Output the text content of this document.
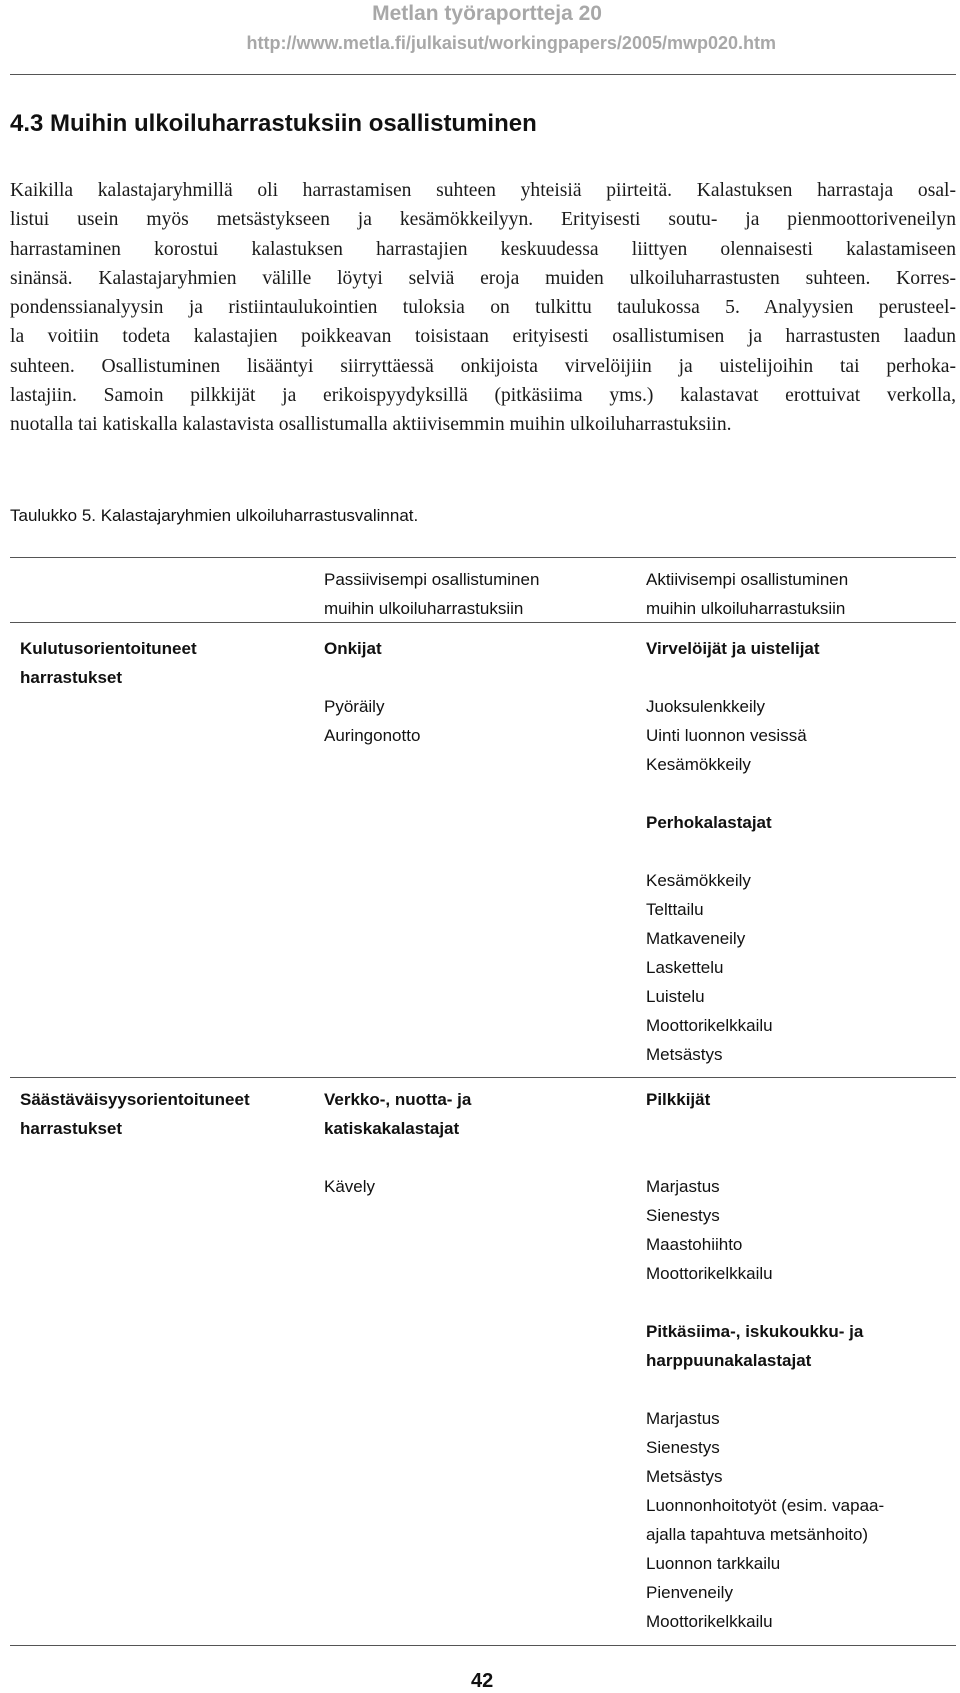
Metlan työraportteja 20
http://www.metla.fi/julkaisut/workingpapers/2005/mwp020.htm
4.3 Muihin ulkoiluharrastuksiin osallistuminen
Kaikilla kalastajaryhmillä oli harrastamisen suhteen yhteisiä piirteitä. Kalastuksen harrastaja osal-
listui usein myös metsästykseen ja kesämökkeilyyn. Erityisesti soutu- ja pienmoottoriveneilyn
harrastaminen korostui kalastuksen harrastajien keskuudessa liittyen olennaisesti kalastamiseen
sinänsä. Kalastajaryhmien välille löytyi selviä eroja muiden ulkoiluharrastusten suhteen. Korres-
pondenssianalyysin ja ristiintaulukointien tuloksia on tulkittu taulukossa 5. Analyysien perusteel-
la voitiin todeta kalastajien poikkeavan toisistaan erityisesti osallistumisen ja harrastusten laadun
suhteen. Osallistuminen lisääntyi siirryttäessä onkijoista virvelöijiin ja uistelijoihin tai perhoka-
lastajiin. Samoin pilkkijät ja erikoispyydyksillä (pitkäsiima yms.) kalastavat erottuivat verkolla,
nuotalla tai katiskalla kalastavista osallistumalla aktiivisemmin muihin ulkoiluharrastuksiin.
Taulukko 5. Kalastajaryhmien ulkoiluharrastusvalinnat.
Passiivisempi osallistuminen
muihin ulkoiluharrastuksiin
Aktiivisempi osallistuminen
muihin ulkoiluharrastuksiin
Kulutusorientoituneet
harrastukset
Onkijat

Pyöräily
Auringonotto
Virvelöijät ja uistelijat

Juoksulenkkeily
Uinti luonnon vesissä
Kesämökkeily

Perhokalastajat

Kesämökkeily
Telttailu
Matkaveneily
Laskettelu
Luistelu
Moottorikelkkailu
Metsästys
Säästäväisyysorientoituneet
harrastukset
Verkko-, nuotta- ja
katiskakalastajat

Kävely
Pilkkijät

Marjastus
Sienestys
Maastohiihto
Moottorikelkkailu

Pitkäsiima-, iskukoukku- ja
harppuunakalastajat

Marjastus
Sienestys
Metsästys
Luonnonhoitotyöt (esim. vapaa-
ajalla tapahtuva metsänhoito)
Luonnon tarkkailu
Pienveneily
Moottorikelkkailu
42
